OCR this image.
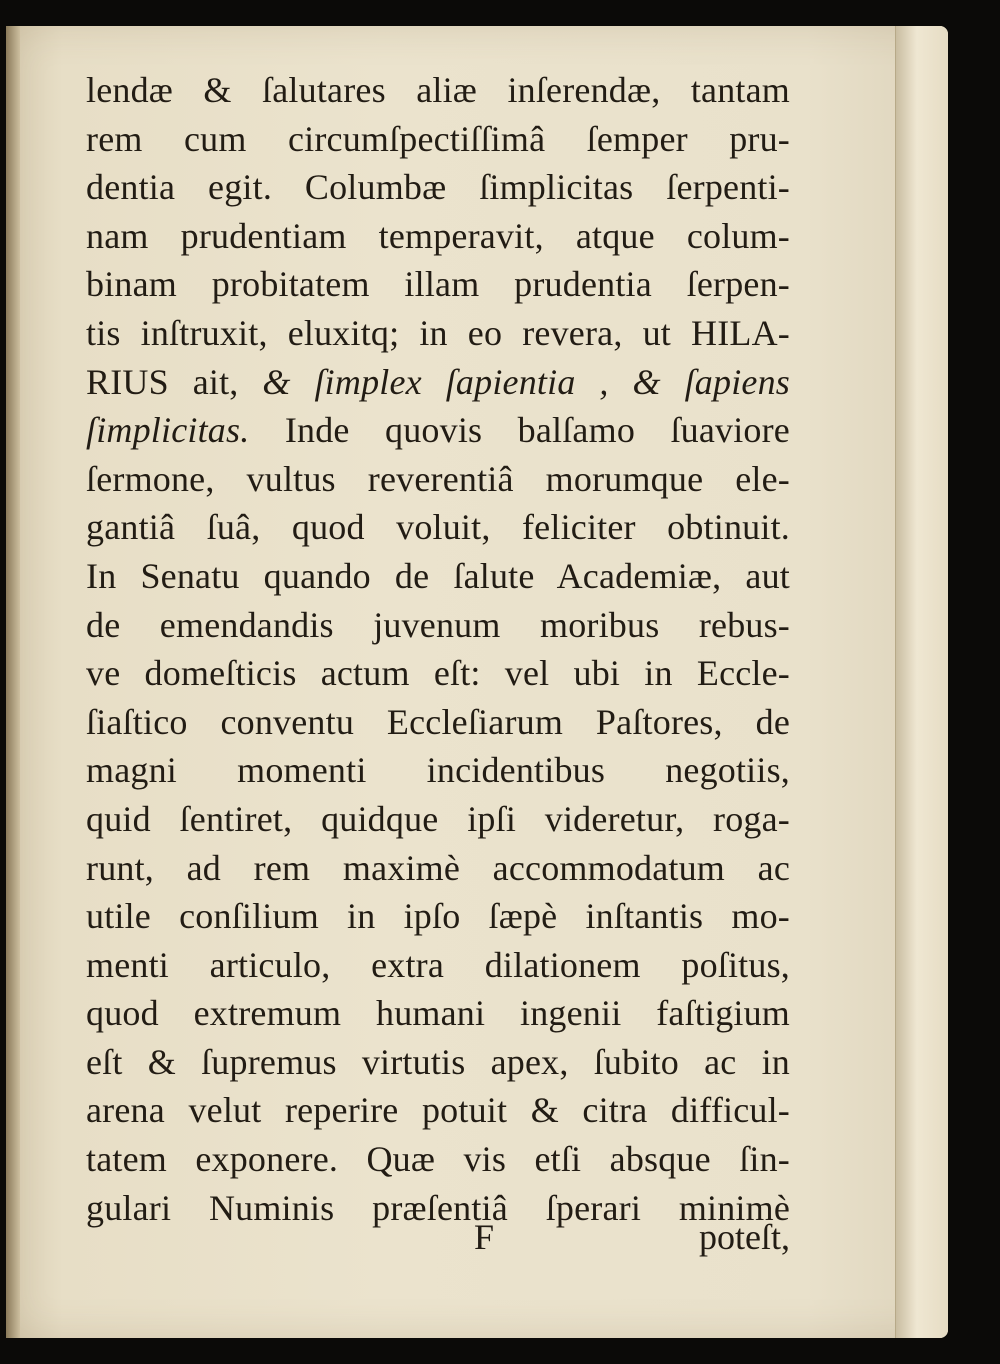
lendæ & ſalutares aliæ inſerendæ, tantam
rem cum circumſpectiſſimâ ſemper pru-
dentia egit. Columbæ ſimplicitas ſerpenti-
nam prudentiam temperavit, atque colum-
binam probitatem illam prudentia ſerpen-
tis inſtruxit, eluxitq; in eo revera, ut HILA-
RIUS ait, & ſimplex ſapientia , & ſapiens
ſimplicitas. Inde quovis balſamo ſuaviore
ſermone, vultus reverentiâ morumque ele-
gantiâ ſuâ, quod voluit, feliciter obtinuit.
In Senatu quando de ſalute Academiæ, aut
de emendandis juvenum moribus rebus-
ve domeſticis actum eſt: vel ubi in Eccle-
ſiaſtico conventu Eccleſiarum Paſtores, de
magni momenti incidentibus negotiis,
quid ſentiret, quidque ipſi videretur, roga-
runt, ad rem maximè accommodatum ac
utile conſilium in ipſo ſæpè inſtantis mo-
menti articulo, extra dilationem poſitus,
quod extremum humani ingenii faſtigium
eſt & ſupremus virtutis apex, ſubito ac in
arena velut reperire potuit & citra difficul-
tatem exponere. Quæ vis etſi absque ſin-
gulari Numinis præſentiâ ſperari minimè
F	poteſt,
